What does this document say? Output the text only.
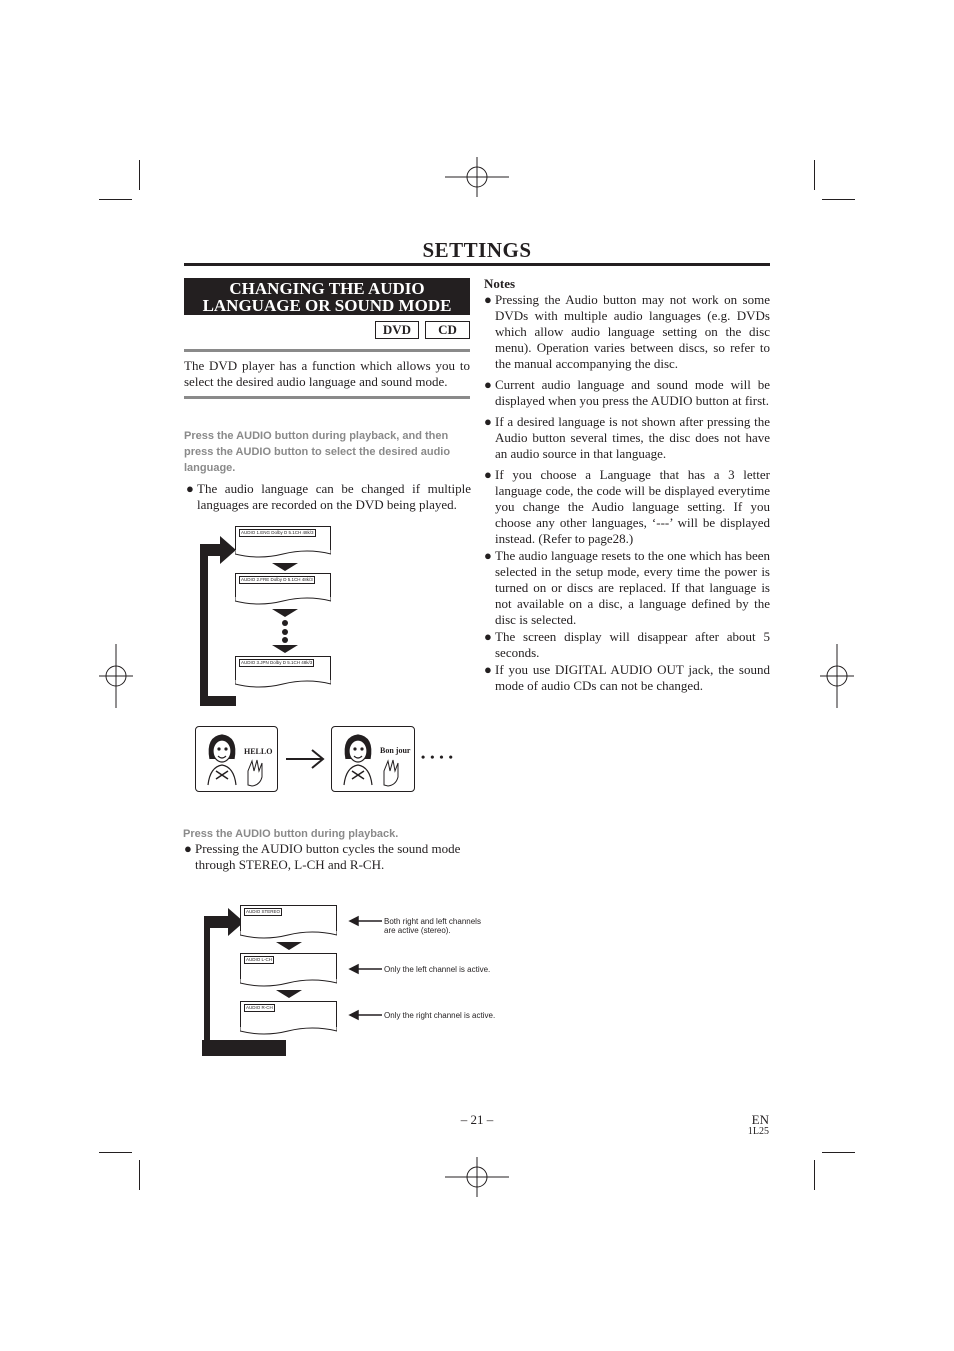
SETTINGS
CHANGING THE AUDIO
LANGUAGE OR SOUND MODE
DVD	CD
The DVD player has a function which allows you to select the desired audio language and sound mode.
Press the AUDIO button during playback, and then press the AUDIO button to select the desired audio language.
● The audio language can be changed if multiple languages are recorded on the DVD being played.
AUDIO 1.ENG Dolby D 5.1CH 48k/3
AUDIO 2.FRE Dolby D 5.1CH 48k/3
AUDIO 3.JPN Dolby D 5.1CH 48k/3
HELLO	Bon jour • • • •
Press the AUDIO button during playback.
● Pressing the AUDIO button cycles the sound mode through STEREO, L-CH and R-CH.
AUDIO STEREO
AUDIO L-CH
AUDIO R-CH
Both right and left channels are active (stereo).
Only the left channel is active.
Only the right channel is active.
Notes
● Pressing the Audio button may not work on some DVDs with multiple audio languages (e.g. DVDs which allow audio language setting on the disc menu). Operation varies between discs, so refer to the manual accompanying the disc.
● Current audio language and sound mode will be displayed when you press the AUDIO button at first.
● If a desired language is not shown after pressing the Audio button several times, the disc does not have an audio source in that language.
● If you choose a Language that has a 3 letter language code, the code will be displayed everytime you change the Audio language setting. If you choose any other languages, ‘---’ will be displayed instead. (Refer to page28.)
● The audio language resets to the one which has been selected in the setup mode, every time the power is turned on or discs are replaced. If that language is not available on a disc, a language defined by the disc is selected.
● The screen display will disappear after about 5 seconds.
● If you use DIGITAL AUDIO OUT jack, the sound mode of audio CDs can not be changed.
– 21 –	EN
1L25
